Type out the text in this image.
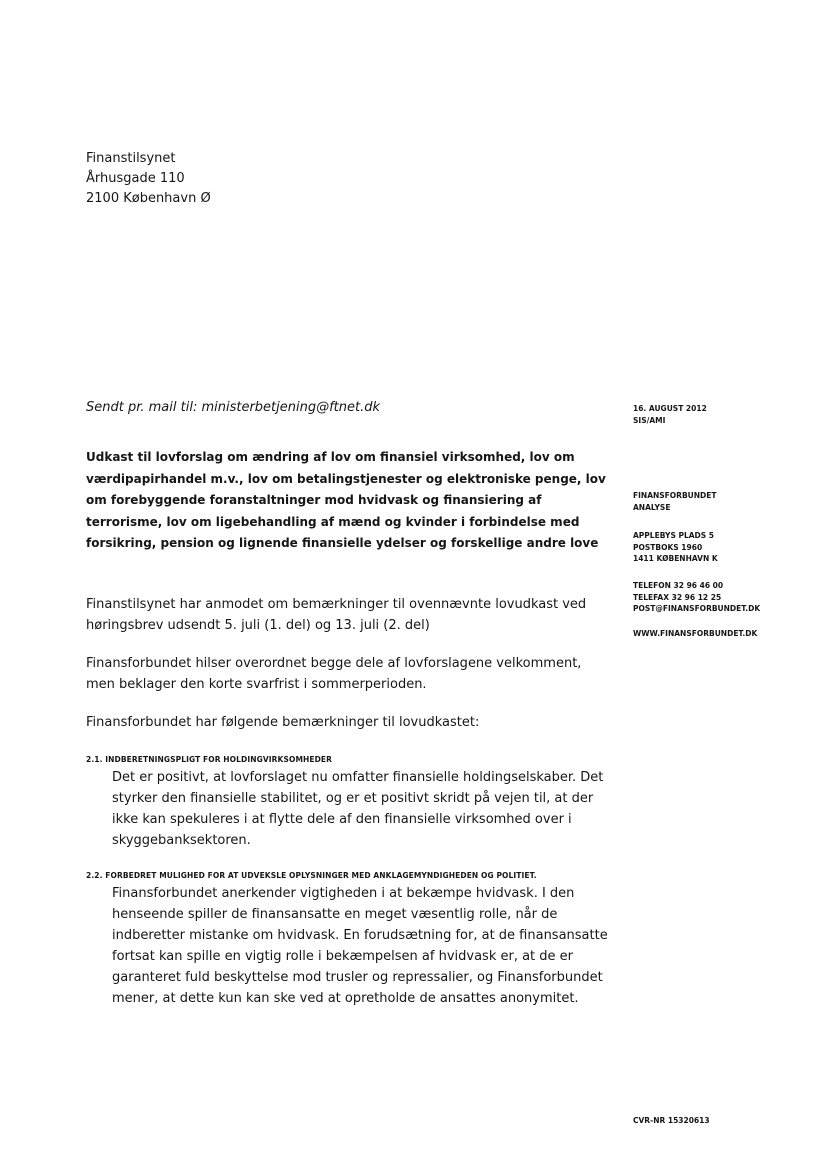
Finanstilsynet
Århusgade 110
2100 København Ø
Sendt pr. mail til: ministerbetjening@ftnet.dk
Udkast til lovforslag om ændring af lov om finansiel virksomhed, lov om værdipapirhandel m.v., lov om betalingstjenester og elektroniske penge, lov om forebyggende foranstaltninger mod hvidvask og finansiering af terrorisme, lov om ligebehandling af mænd og kvinder i forbindelse med forsikring, pension og lignende finansielle ydelser og forskellige andre love
Finanstilsynet har anmodet om bemærkninger til ovennævnte lovudkast ved høringsbrev udsendt 5. juli (1. del) og 13. juli (2. del)
Finansforbundet hilser overordnet begge dele af lovforslagene velkomment, men beklager den korte svarfrist i sommerperioden.
Finansforbundet har følgende bemærkninger til lovudkastet:
2.1. INDBERETNINGSPLIGT FOR HOLDINGVIRKSOMHEDER
Det er positivt, at lovforslaget nu omfatter finansielle holdingselskaber. Det styrker den finansielle stabilitet, og er et positivt skridt på vejen til, at der ikke kan spekuleres i at flytte dele af den finansielle virksomhed over i skyggebanksektoren.
2.2. FORBEDRET MULIGHED FOR AT UDVEKSLE OPLYSNINGER MED ANKLAGEMYNDIGHEDEN OG POLITIET.
Finansforbundet anerkender vigtigheden i at bekæmpe hvidvask. I den henseende spiller de finansansatte en meget væsentlig rolle, når de indberetter mistanke om hvidvask. En forudsætning for, at de finansansatte fortsat kan spille en vigtig rolle i bekæmpelsen af hvidvask er, at de er garanteret fuld beskyttelse mod trusler og repressalier, og Finansforbundet mener, at dette kun kan ske ved at opretholde de ansattes anonymitet.
16. AUGUST 2012
SIS/AMI
FINANSFORBUNDET
ANALYSE
APPLEBYS PLADS 5
POSTBOKS 1960
1411 KØBENHAVN K
TELEFON 32 96 46 00
TELEFAX 32 96 12 25
POST@FINANSFORBUNDET.DK
WWW.FINANSFORBUNDET.DK
CVR-NR 15320613
